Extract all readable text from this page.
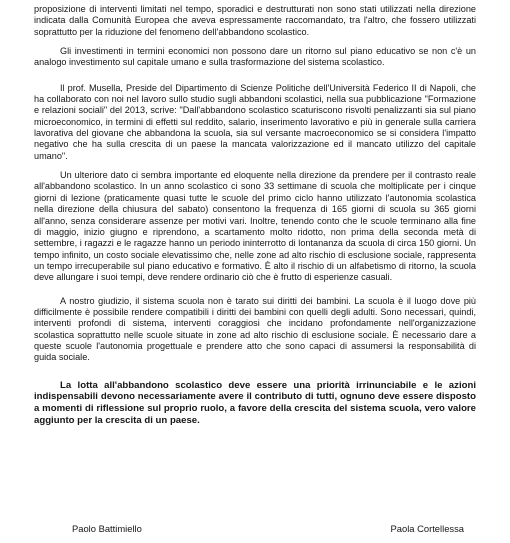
proposizione di interventi limitati nel tempo, sporadici e destrutturati non sono stati utilizzati nella direzione indicata dalla Comunità Europea che aveva espressamente raccomandato, tra l'altro, che fossero utilizzati soprattutto per la riduzione del fenomeno dell'abbandono scolastico.

Gli investimenti in termini economici non possono dare un ritorno sul piano educativo se non c'è un analogo investimento sul capitale umano e sulla trasformazione del sistema scolastico.

Il prof. Musella, Preside del Dipartimento di Scienze Politiche dell'Università Federico II di Napoli, che ha collaborato con noi nel lavoro sullo studio sugli abbandoni scolastici, nella sua pubblicazione "Formazione e relazioni sociali" del 2013, scrive: "Dall'abbandono scolastico scaturiscono risvolti penalizzanti sia sul piano microeconomico, in termini di effetti sul reddito, salario, inserimento lavorativo e più in generale sulla carriera lavorativa del giovane che abbandona la scuola, sia sul versante macroeconomico se si considera l'impatto negativo che ha sulla crescita di un paese la mancata valorizzazione ed il mancato utilizzo del capitale umano".

Un ulteriore dato ci sembra importante ed eloquente nella direzione da prendere per il contrasto reale all'abbandono scolastico. In un anno scolastico ci sono 33 settimane di scuola che moltiplicate per i cinque giorni di lezione (praticamente quasi tutte le scuole del primo ciclo hanno utilizzato l'autonomia scolastica nella direzione della chiusura del sabato) consentono la frequenza di 165 giorni di scuola su 365 giorni all'anno, senza considerare assenze per motivi vari. Inoltre, tenendo conto che le scuole terminano alla fine di maggio, inizio giugno e riprendono, a scartamento molto ridotto, non prima della seconda metà di settembre, i ragazzi e le ragazze hanno un periodo ininterrotto di lontananza da scuola di circa 150 giorni. Un tempo infinito, un costo sociale elevatissimo che, nelle zone ad alto rischio di esclusione sociale, rappresenta un tempo irrecuperabile sul piano educativo e formativo. È alto il rischio di un alfabetismo di ritorno, la scuola deve allungare i suoi tempi, deve rendere ordinario ciò che è frutto di esperienze casuali.

A nostro giudizio, il sistema scuola non è tarato sui diritti dei bambini. La scuola è il luogo dove più difficilmente è possibile rendere compatibili i diritti dei bambini con quelli degli adulti. Sono necessari, quindi, interventi profondi di sistema, interventi coraggiosi che incidano profondamente nell'organizzazione scolastica soprattutto nelle scuole situate in zone ad alto rischio di esclusione sociale. È necessario dare a queste scuole l'autonomia progettuale e prendere atto che sono capaci di assumersi la responsabilità di guida sociale.

La lotta all'abbandono scolastico deve essere una priorità irrinunciabile e le azioni indispensabili devono necessariamente avere il contributo di tutti, ognuno deve essere disposto a momenti di riflessione sul proprio ruolo, a favore della crescita del sistema scuola, vero valore aggiunto per la crescita di un paese.

Paolo Battimiello	Paola Cortellessa
